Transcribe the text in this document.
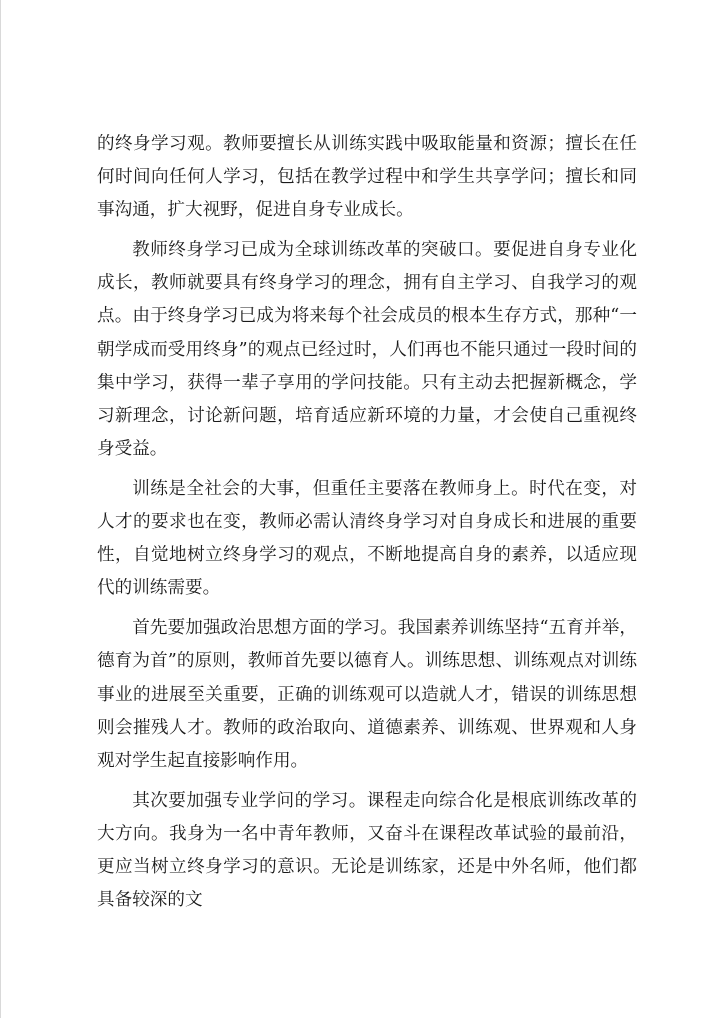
的终身学习观。教师要擅长从训练实践中吸取能量和资源；擅长在任何时间向任何人学习，包括在教学过程中和学生共享学问；擅长和同事沟通，扩大视野，促进自身专业成长。

教师终身学习已成为全球训练改革的突破口。要促进自身专业化成长，教师就要具有终身学习的理念，拥有自主学习、自我学习的观点。由于终身学习已成为将来每个社会成员的根本生存方式，那种“一朝学成而受用终身”的观点已经过时，人们再也不能只通过一段时间的集中学习，获得一辈子享用的学问技能。只有主动去把握新概念，学习新理念，讨论新问题，培育适应新环境的力量，才会使自己重视终身受益。

训练是全社会的大事，但重任主要落在教师身上。时代在变，对人才的要求也在变，教师必需认清终身学习对自身成长和进展的重要性，自觉地树立终身学习的观点，不断地提高自身的素养，以适应现代的训练需要。

首先要加强政治思想方面的学习。我国素养训练坚持“五育并举，德育为首”的原则，教师首先要以德育人。训练思想、训练观点对训练事业的进展至关重要，正确的训练观可以造就人才，错误的训练思想则会摧残人才。教师的政治取向、道德素养、训练观、世界观和人身观对学生起直接影响作用。

其次要加强专业学问的学习。课程走向综合化是根底训练改革的大方向。我身为一名中青年教师，又奋斗在课程改革试验的最前沿，更应当树立终身学习的意识。无论是训练家，还是中外名师，他们都具备较深的文
